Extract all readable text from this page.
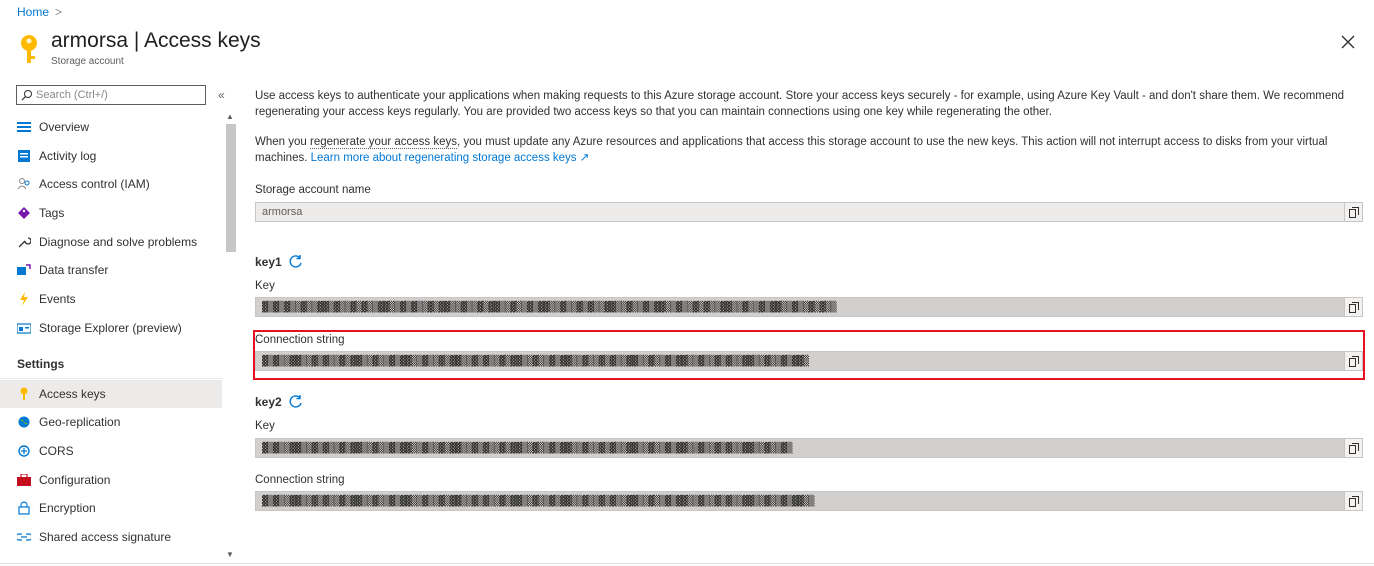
Home >
armorsa | Access keys
Storage account
Search (Ctrl+/)	«
Overview
Activity log
Access control (IAM)
Tags
Diagnose and solve problems
Data transfer
Events
Storage Explorer (preview)
Settings
Access keys
Geo-replication
CORS
Configuration
Encryption
Shared access signature
▲
▼

Use access keys to authenticate your applications when making requests to this Azure storage account. Store your access keys securely - for example, using Azure Key Vault - and don't share them. We recommend regenerating your access keys regularly. You are provided two access keys so that you can maintain connections using one key while regenerating the other.

When you regenerate your access keys, you must update any Azure resources and applications that access this storage account to use the new keys. This action will not interrupt access to disks from your virtual machines. Learn more about regenerating storage access keys ↗

Storage account name
armorsa
key1
Key
▓▒▓▒▓▒▒▓▒▒▓▓▒▓▒▒▓▒▓▒▒▓▓▒▒▓▒▓▒▒▓▒▓▓▒▒▓▒▒▓▒▓▓▒▒▓▒▒▓▒▓▓▒▒▓▒▒▓▒▓▒▒▓▓▒▒▓▒▒▓▒▓▓▒▒▓▒▒▓▒▓▒▒▓▓▒▒▓▒▒▓▒▓▓▒▒▓▒▒▓▒▓▒▒
Connection string
▓▒▓▒▒▓▓▒▒▓▒▓▒▒▓▒▓▓▒▒▓▒▒▓▒▓▓▒▒▓▒▒▓▒▓▓▒▒▓▒▓▒▒▓▒▓▓▒▒▓▒▒▓▒▓▓▒▒▓▒▒▓▒▓▒▒▓▓▒▒▓▒▒▓▒▓▓▒▒▓▒▒▓▒▓▒▒▓▓▒▒▓▒▒▓▒▓▓▒
key2
Key
▓▒▓▒▒▓▓▒▒▓▒▓▒▒▓▒▓▓▒▒▓▒▒▓▒▓▓▒▒▓▒▒▓▒▓▓▒▒▓▒▓▒▒▓▒▓▓▒▒▓▒▒▓▒▓▓▒▒▓▒▒▓▒▓▒▒▓▓▒▒▓▒▒▓▒▓▓▒▒▓▒▒▓▒▓▒▒▓▓▒▒▓▒▒▓▒
Connection string
▓▒▓▒▒▓▓▒▒▓▒▓▒▒▓▒▓▓▒▒▓▒▒▓▒▓▓▒▒▓▒▒▓▒▓▓▒▒▓▒▓▒▒▓▒▓▓▒▒▓▒▒▓▒▓▓▒▒▓▒▒▓▒▓▒▒▓▓▒▒▓▒▒▓▒▓▓▒▒▓▒▒▓▒▓▒▒▓▓▒▒▓▒▒▓▒▓▓▒▒
